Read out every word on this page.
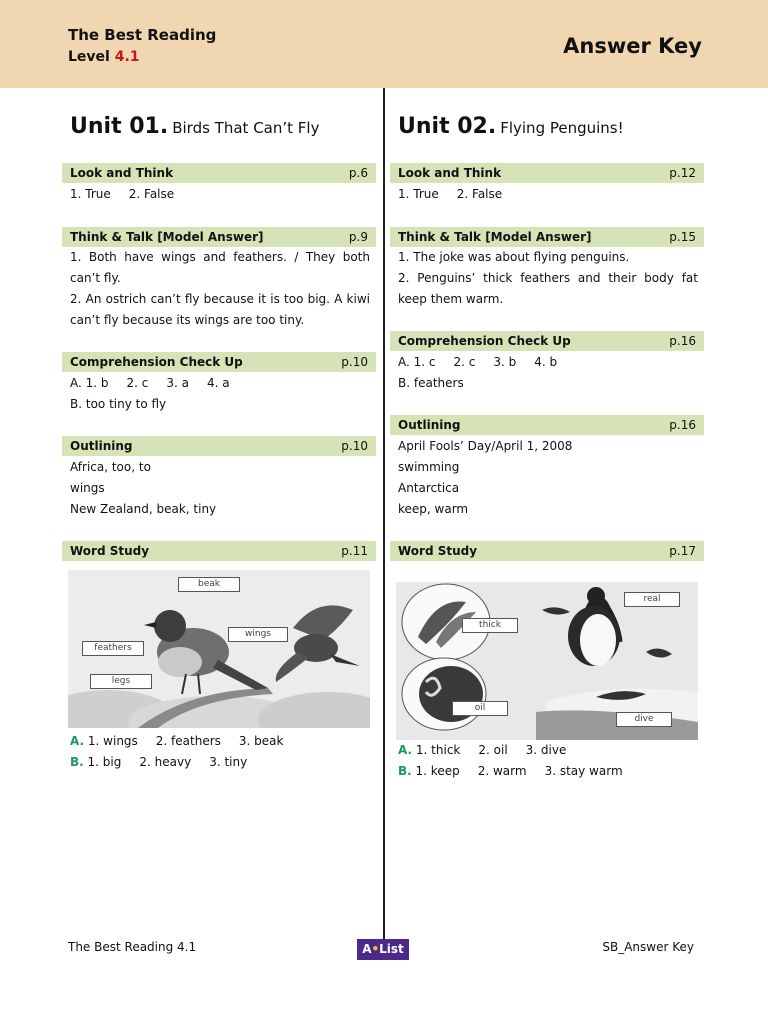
The Best Reading
Level 4.1	Answer Key
Unit 01. Birds That Can’t Fly
Look and Think	p.6
1. True 2. False
Think & Talk [Model Answer]	p.9
1. Both have wings and feathers. / They both can’t fly.
2. An ostrich can’t fly because it is too big. A kiwi can’t fly because its wings are too tiny.
Comprehension Check Up	p.10
A. 1. b 2. c 3. a 4. a
B. too tiny to fly
Outlining	p.10
Africa, too, to
wings
New Zealand, beak, tiny
Word Study	p.11
beak
wings
feathers
legs
A. 1. wings 2. feathers 3. beak
B. 1. big 2. heavy 3. tiny
Unit 02. Flying Penguins!
Look and Think	p.12
1. True 2. False
Think & Talk [Model Answer]	p.15
1. The joke was about flying penguins.
2. Penguins’ thick feathers and their body fat keep them warm.
Comprehension Check Up	p.16
A. 1. c 2. c 3. b 4. b
B. feathers
Outlining	p.16
April Fools’ Day/April 1, 2008
swimming
Antarctica
keep, warm
Word Study	p.17
real
thick
oil
dive
A. 1. thick 2. oil 3. dive
B. 1. keep 2. warm 3. stay warm
The Best Reading 4.1	A•List	SB_Answer Key
